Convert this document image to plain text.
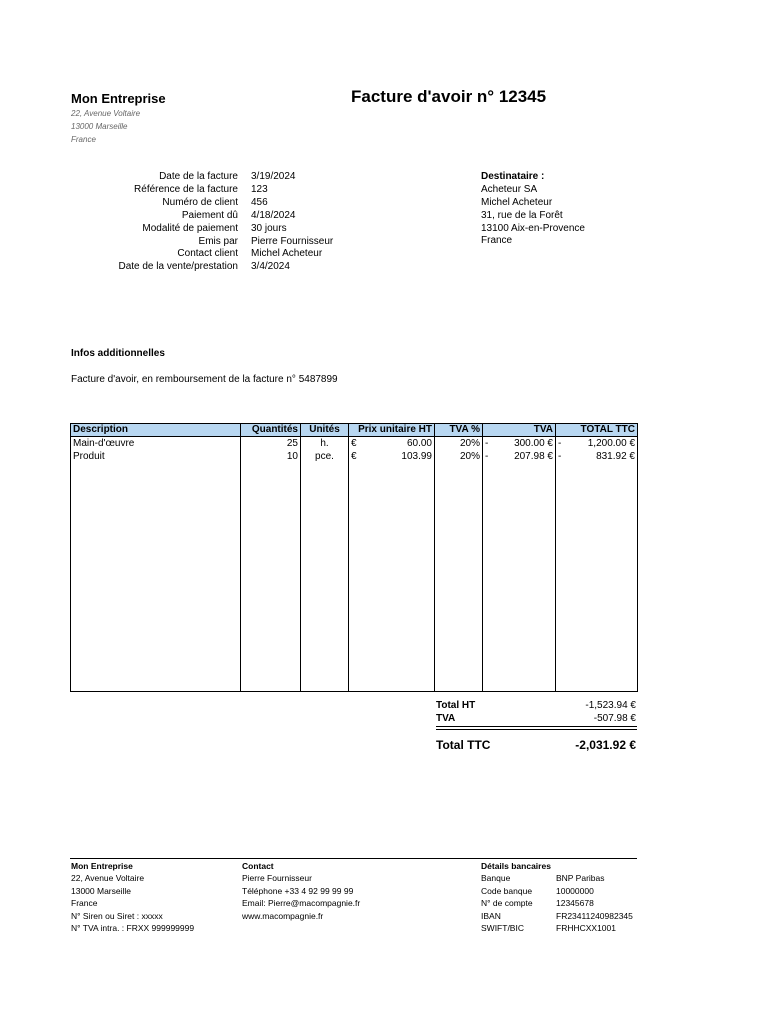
Mon Entreprise
22, Avenue Voltaire
13000 Marseille
France
Facture d'avoir n° 12345
Date de la facture 3/19/2024
Référence de la facture 123
Numéro de client 456
Paiement dû 4/18/2024
Modalité de paiement 30 jours
Emis par Pierre Fournisseur
Contact client Michel Acheteur
Date de la vente/prestation 3/4/2024
Destinataire :
Acheteur SA
Michel Acheteur
31, rue de la Forêt
13100 Aix-en-Provence
France
Infos additionnelles
Facture d'avoir, en remboursement de la facture n° 5487899
Description	Quantités	Unités	Prix unitaire HT	TVA %	TVA	TOTAL TTC
Main-d'œuvre	25	h.	€ 60.00	20%	- 300.00 €	- 1,200.00 €

Produit	10	pce.	€ 103.99	20%	- 207.98 €	- 831.92 €

Total HT	-1,523.94 €
TVA	-507.98 €
Total TTC	-2,031.92 €
Mon Entreprise
22, Avenue Voltaire
13000 Marseille
France
N° Siren ou Siret : xxxxx
N° TVA intra. : FRXX 999999999
Contact
Pierre Fournisseur
Téléphone +33 4 92 99 99 99
Email: Pierre@macompagnie.fr
www.macompagnie.fr
Détails bancaires
Banque	BNP Paribas
Code banque	10000000
N° de compte	12345678
IBAN	FR23411240982345
SWIFT/BIC	FRHHCXX1001
